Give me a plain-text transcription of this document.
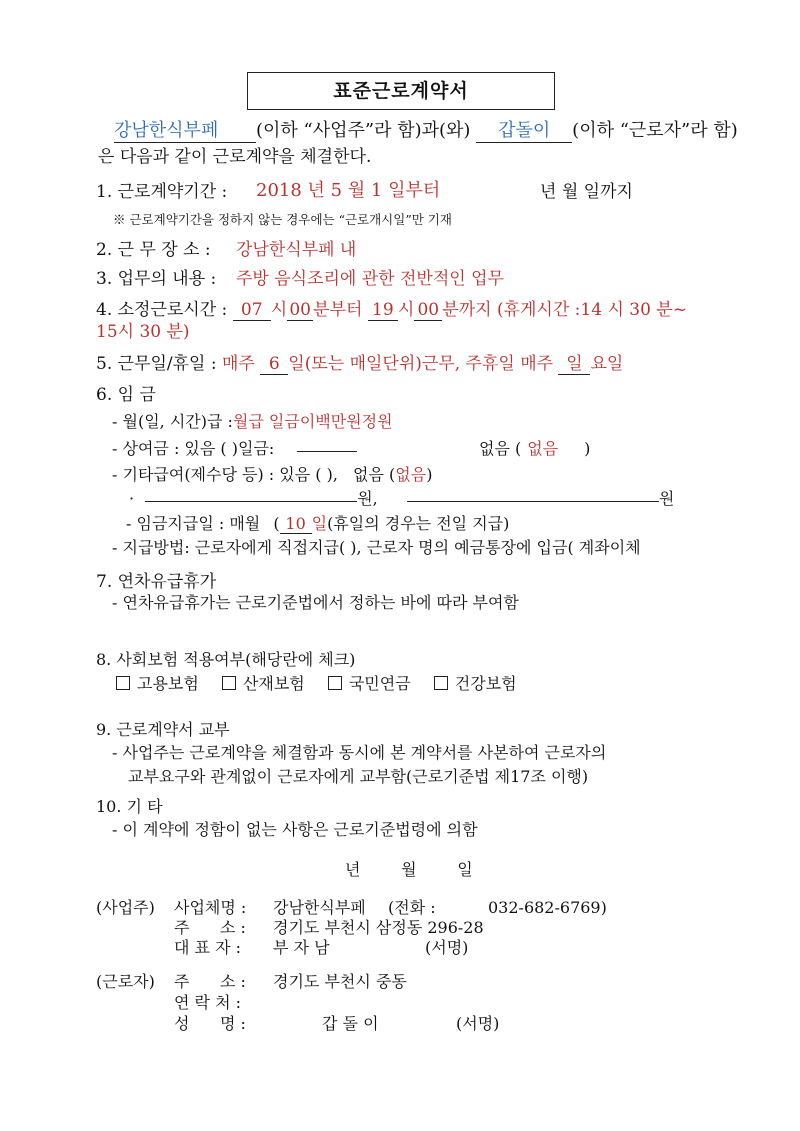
표준근로계약서
강남한식부페 (이하 “사업주”라 함)과(와) 갑돌이 (이하 “근로자”라 함)
은 다음과 같이 근로계약을 체결한다.
1. 근로계약기간 : 2018 년 5 월 1 일부터	년 월 일까지
※ 근로계약기간을 정하지 않는 경우에는 “근로개시일”만 기재
2. 근 무 장 소 : 강남한식부페 내
3. 업무의 내용 : 주방 음식조리에 관한 전반적인 업무
4. 소정근로시간 : 07 시 00 분부터 19 시 00 분까지 (휴게시간 :14 시 30 분~
15시 30 분)
5. 근무일/휴일 : 매주 6 일(또는 매일단위)근무, 주휴일 매주 일 요일
6. 임 금
- 월(일, 시간)급 :월급 일금이백만원정원
- 상여금 : 있음 ( )일금:	없음 ( 없음 )
- 기타급여(제수당 등) : 있음 ( ), 없음 (없음)
·	원,	원
- 임금지급일 : 매월 ( 10 일(휴일의 경우는 전일 지급)
- 지급방법: 근로자에게 직접지급( ), 근로자 명의 예금통장에 입금( 계좌이체
7. 연차유급휴가
- 연차유급휴가는 근로기준법에서 정하는 바에 따라 부여함
8. 사회보험 적용여부(해당란에 체크)
고용보험	산재보험	국민연금	건강보험
9. 근로계약서 교부
- 사업주는 근로계약을 체결함과 동시에 본 계약서를 사본하여 근로자의
교부요구와 관계없이 근로자에게 교부함(근로기준법 제17조 이행)
10. 기 타
- 이 계약에 정함이 없는 사항은 근로기준법령에 의함
년        월        일
(사업주) 사업체명 : 강남한식부페 (전화 :	032-682-6769)
주      소 : 경기도 부천시 삼정동 296-28
대 표 자 : 부 자 남	(서명)
(근로자) 주      소 : 경기도 부천시 중동
연 락 처 :
성      명 :	갑 돌 이	(서명)
